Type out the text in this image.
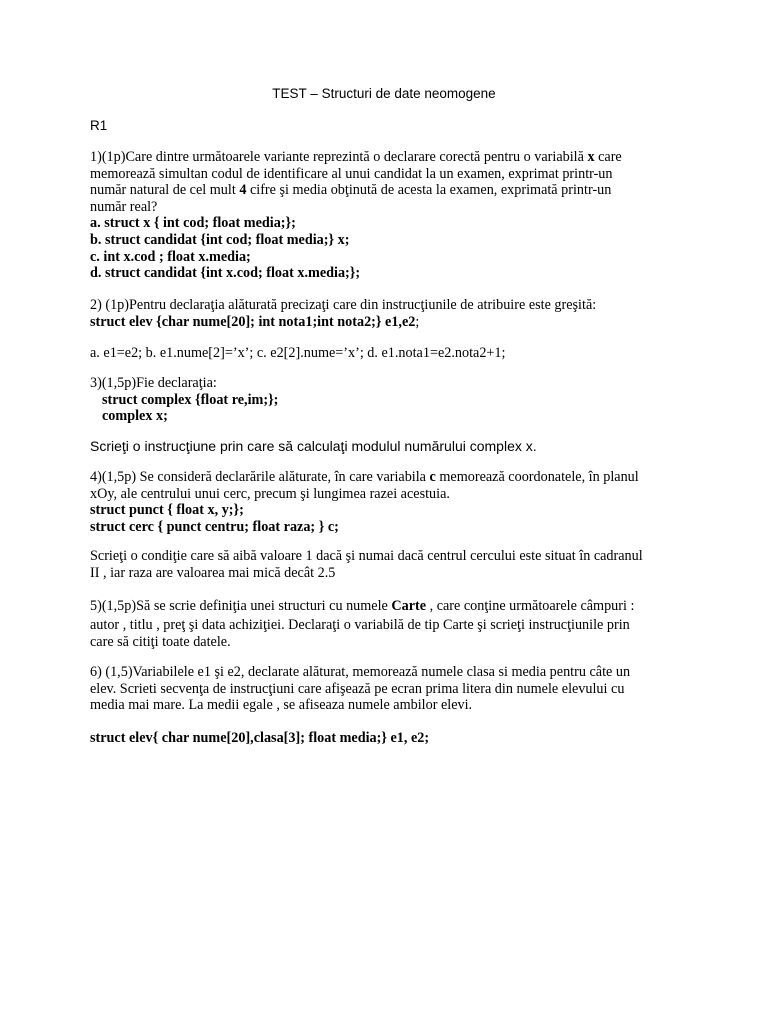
TEST – Structuri de date neomogene
R1
1)(1p)Care dintre următoarele variante reprezintă o declarare corectă pentru o variabilă x care
memorează simultan codul de identificare al unui candidat la un examen, exprimat printr-un
număr natural de cel mult 4 cifre şi media obţinută de acesta la examen, exprimată printr-un
număr real?
a. struct x { int cod; float media;};
b. struct candidat {int cod; float media;} x;
c. int x.cod ; float x.media;
d. struct candidat {int x.cod; float x.media;};
2) (1p)Pentru declaraţia alăturată precizaţi care din instrucţiunile de atribuire este greşită:
struct elev {char nume[20]; int nota1;int nota2;} e1,e2;
a. e1=e2; b. e1.nume[2]=’x’; c. e2[2].nume=’x’; d. e1.nota1=e2.nota2+1;
3)(1,5p)Fie declaraţia:
struct complex {float re,im;};
complex x;
Scrieţi o instrucţiune prin care să calculaţi modulul numărului complex x.
4)(1,5p) Se consideră declarările alăturate, în care variabila c memorează coordonatele, în planul
xOy, ale centrului unui cerc, precum şi lungimea razei acestuia.
struct punct { float x, y;};
struct cerc { punct centru; float raza; } c;
Scrieţi o condiţie care să aibă valoare 1 dacă şi numai dacă centrul cercului este situat în cadranul
II , iar raza are valoarea mai mică decât 2.5
5)(1,5p)Să se scrie definiţia unei structuri cu numele Carte , care conţine următoarele câmpuri :
autor , titlu , preţ şi data achiziţiei. Declaraţi o variabilă de tip Carte şi scrieţi instrucţiunile prin
care să citiţi toate datele.
6) (1,5)Variabilele e1 şi e2, declarate alăturat, memorează numele clasa si media pentru câte un
elev. Scrieti secvenţa de instrucţiuni care afişează pe ecran prima litera din numele elevului cu
media mai mare. La medii egale , se afiseaza numele ambilor elevi.
struct elev{ char nume[20],clasa[3]; float media;} e1, e2;
